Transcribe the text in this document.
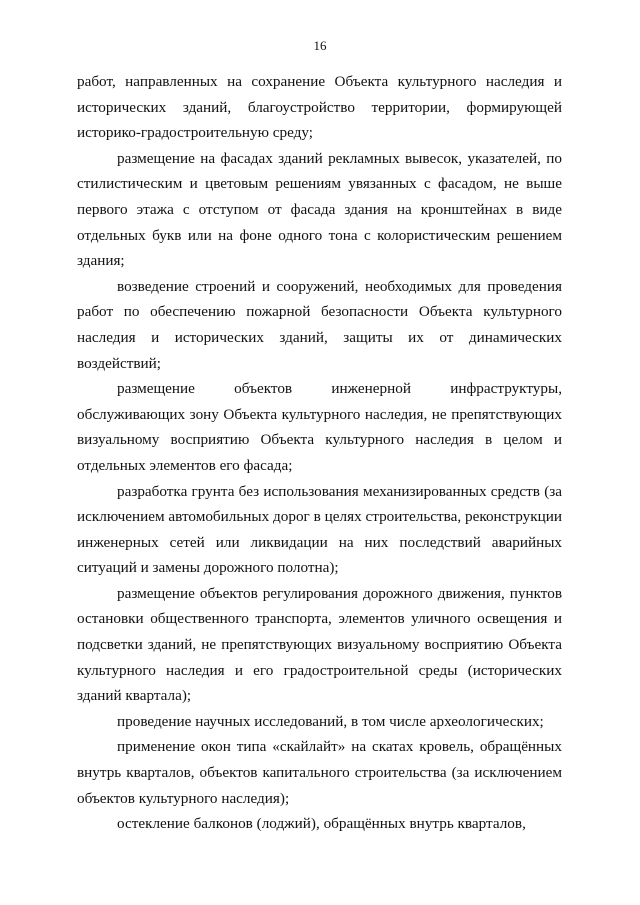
16

работ, направленных на сохранение Объекта культурного наследия и исторических зданий, благоустройство территории, формирующей историко-градостроительную среду;

размещение на фасадах зданий рекламных вывесок, указателей, по стилистическим и цветовым решениям увязанных с фасадом, не выше первого этажа с отступом от фасада здания на кронштейнах в виде отдельных букв или на фоне одного тона с колористическим решением здания;

возведение строений и сооружений, необходимых для проведения работ по обеспечению пожарной безопасности Объекта культурного наследия и исторических зданий, защиты их от динамических воздействий;

размещение объектов инженерной инфраструктуры, обслуживающих зону Объекта культурного наследия, не препятствующих визуальному восприятию Объекта культурного наследия в целом и отдельных элементов его фасада;

разработка грунта без использования механизированных средств (за исключением автомобильных дорог в целях строительства, реконструкции инженерных сетей или ликвидации на них последствий аварийных ситуаций и замены дорожного полотна);

размещение объектов регулирования дорожного движения, пунктов остановки общественного транспорта, элементов уличного освещения и подсветки зданий, не препятствующих визуальному восприятию Объекта культурного наследия и его градостроительной среды (исторических зданий квартала);

проведение научных исследований, в том числе археологических;

применение окон типа «скайлайт» на скатах кровель, обращённых внутрь кварталов, объектов капитального строительства (за исключением объектов культурного наследия);

остекление балконов (лоджий), обращённых внутрь кварталов,
